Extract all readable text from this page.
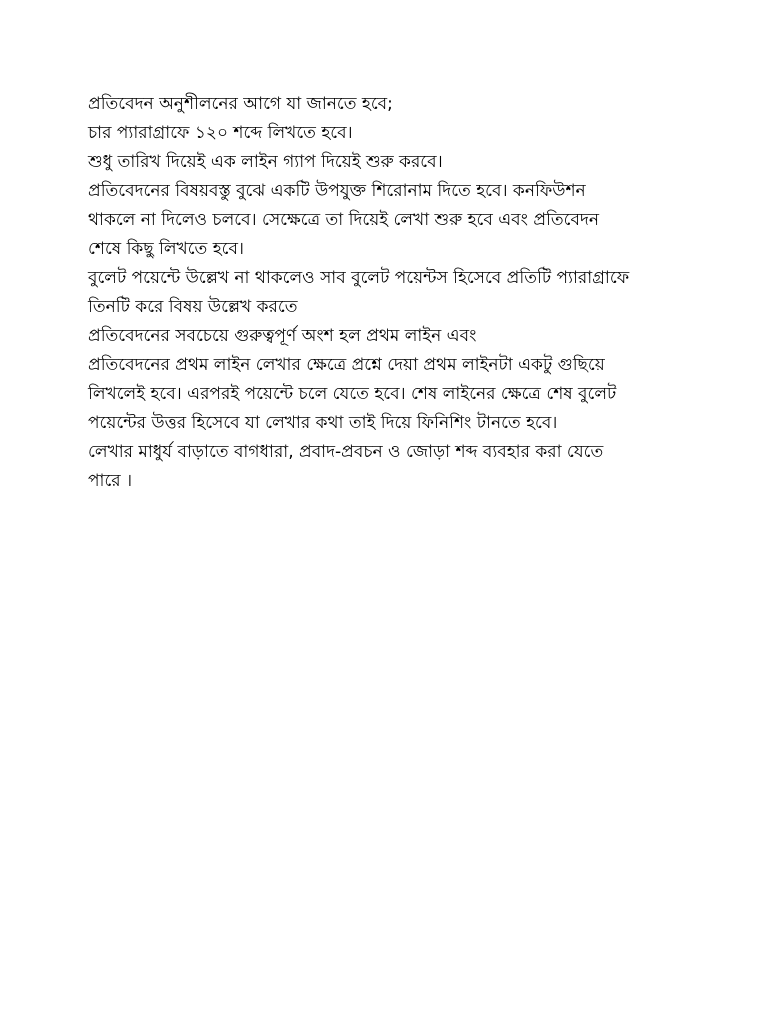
প্রতিবেদন অনুশীলনের আগে যা জানতে হবে;
চার প্যারাগ্রাফে ১২০ শব্দে লিখতে হবে।
শুধু তারিখ দিয়েই এক লাইন গ্যাপ দিয়েই শুরু করবে।
প্রতিবেদনের বিষয়বস্তু বুঝে একটি উপযুক্ত শিরোনাম দিতে হবে। কনফিউশন
থাকলে না দিলেও চলবে। সেক্ষেত্রে তা দিয়েই লেখা শুরু হবে এবং প্রতিবেদন
শেষে কিছু লিখতে হবে।
বুলেট পয়েন্টে উল্লেখ না থাকলেও সাব বুলেট পয়েন্টস হিসেবে প্রতিটি প্যারাগ্রাফে
তিনটি করে বিষয় উল্লেখ করতে
প্রতিবেদনের সবচেয়ে গুরুত্বপূর্ণ অংশ হল প্রথম লাইন এবং
প্রতিবেদনের প্রথম লাইন লেখার ক্ষেত্রে প্রশ্নে দেয়া প্রথম লাইনটা একটু গুছিয়ে
লিখলেই হবে। এরপরই পয়েন্টে চলে যেতে হবে। শেষ লাইনের ক্ষেত্রে শেষ বুলেট
পয়েন্টের উত্তর হিসেবে যা লেখার কথা তাই দিয়ে ফিনিশিং টানতে হবে।
লেখার মাধুর্য বাড়াতে বাগধারা, প্রবাদ-প্রবচন ও জোড়া শব্দ ব্যবহার করা যেতে
পারে ।
